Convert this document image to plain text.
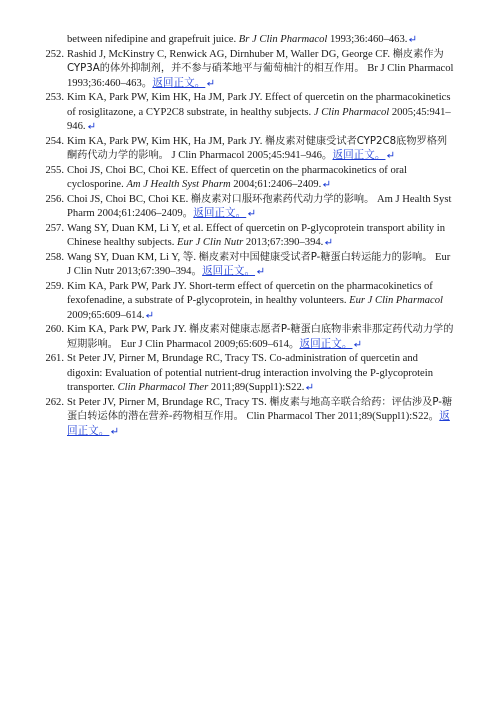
between nifedipine and grapefruit juice. Br J Clin Pharmacol 1993;36:460–463.
252. Rashid J, McKinstry C, Renwick AG, Dirnhuber M, Waller DG, George CF. 槲皮素作为CYP3A的体外抑制剂，并不参与硝苯地平与葡萄柚汁的相互作用。 Br J Clin Pharmacol 1993;36:460–463。返回正文。
253. Kim KA, Park PW, Kim HK, Ha JM, Park JY. Effect of quercetin on the pharmacokinetics of rosiglitazone, a CYP2C8 substrate, in healthy subjects. J Clin Pharmacol 2005;45:941–946.
254. Kim KA, Park PW, Kim HK, Ha JM, Park JY. 槲皮素对健康受试者CYP2C8底物罗格列酮药代动力学的影响。 J Clin Pharmacol 2005;45:941–946。返回正文。
255. Choi JS, Choi BC, Choi KE. Effect of quercetin on the pharmacokinetics of oral cyclosporine. Am J Health Syst Pharm 2004;61:2406–2409.
256. Choi JS, Choi BC, Choi KE. 槲皮素对口服环孢素药代动力学的影响。 Am J Health Syst Pharm 2004;61:2406–2409。返回正文。
257. Wang SY, Duan KM, Li Y, et al. Effect of quercetin on P-glycoprotein transport ability in Chinese healthy subjects. Eur J Clin Nutr 2013;67:390–394.
258. Wang SY, Duan KM, Li Y, 等. 槲皮素对中国健康受试者P-糖蛋白转运能力的影响。 Eur J Clin Nutr 2013;67:390–394。返回正文。
259. Kim KA, Park PW, Park JY. Short-term effect of quercetin on the pharmacokinetics of fexofenadine, a substrate of P-glycoprotein, in healthy volunteers. Eur J Clin Pharmacol 2009;65:609–614.
260. Kim KA, Park PW, Park JY. 槲皮素对健康志愿者P-糖蛋白底物非索非那定药代动力学的短期影响。 Eur J Clin Pharmacol 2009;65:609–614。返回正文。
261. St Peter JV, Pirner M, Brundage RC, Tracy TS. Co-administration of quercetin and digoxin: Evaluation of potential nutrient-drug interaction involving the P-glycoprotein transporter. Clin Pharmacol Ther 2011;89(Suppl1):S22.
262. St Peter JV, Pirner M, Brundage RC, Tracy TS. 槲皮素与地高辛联合给药：评估涉及P-糖蛋白转运体的潜在营养-药物相互作用。 Clin Pharmacol Ther 2011;89(Suppl1):S22。返回正文。
